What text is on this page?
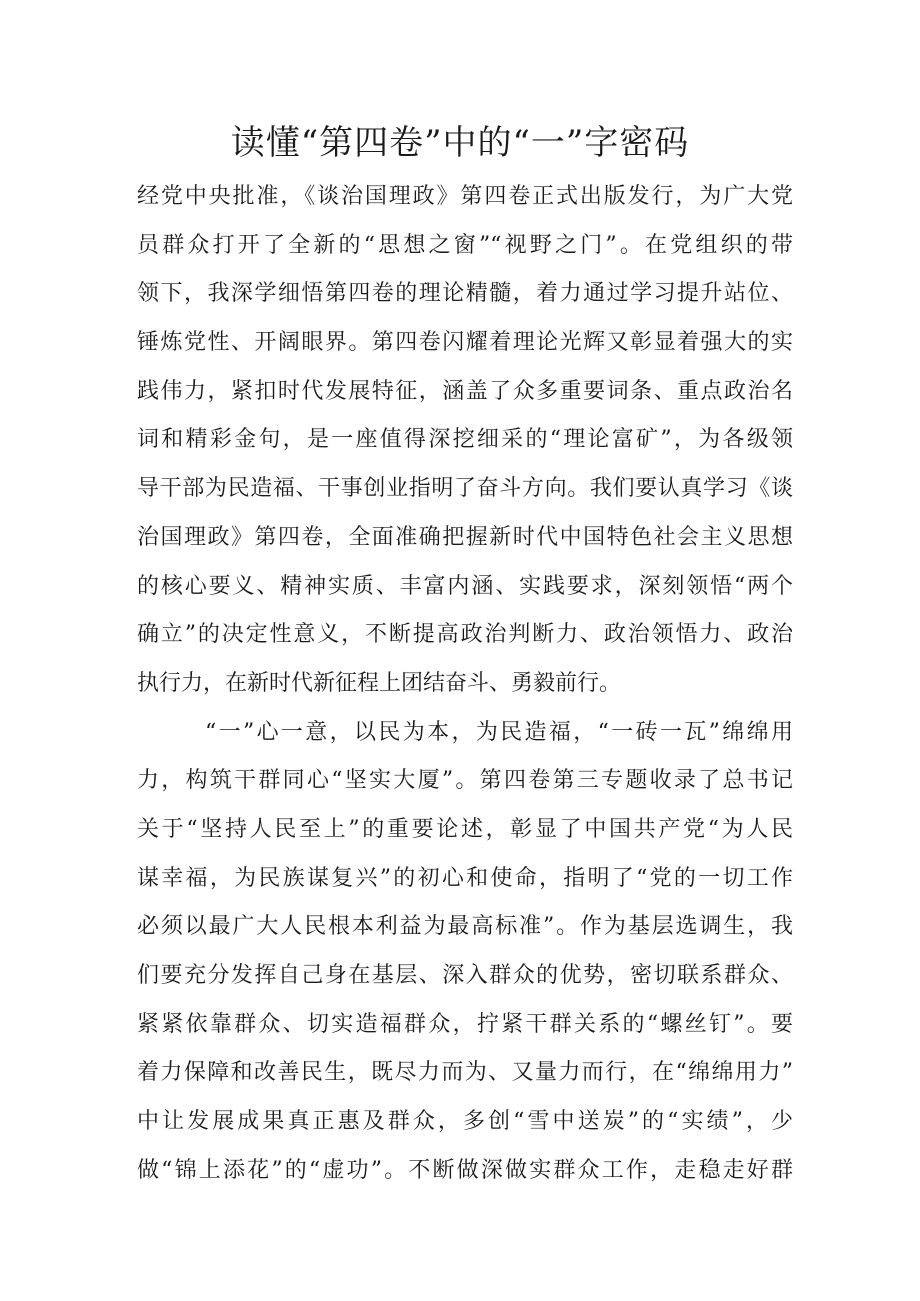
读懂“第四卷”中的“一”字密码
经党中央批准，《谈治国理政》第四卷正式出版发行，为广大党
员群众打开了全新的“思想之窗”“视野之门”。在党组织的带
领下，我深学细悟第四卷的理论精髓，着力通过学习提升站位、
锤炼党性、开阔眼界。第四卷闪耀着理论光辉又彰显着强大的实
践伟力，紧扣时代发展特征，涵盖了众多重要词条、重点政治名
词和精彩金句，是一座值得深挖细采的“理论富矿”，为各级领
导干部为民造福、干事创业指明了奋斗方向。我们要认真学习《谈
治国理政》第四卷，全面准确把握新时代中国特色社会主义思想
的核心要义、精神实质、丰富内涵、实践要求，深刻领悟“两个
确立”的决定性意义，不断提高政治判断力、政治领悟力、政治
执行力，在新时代新征程上团结奋斗、勇毅前行。
“一”心一意，以民为本，为民造福，“一砖一瓦”绵绵用
力，构筑干群同心“坚实大厦”。第四卷第三专题收录了总书记
关于“坚持人民至上”的重要论述，彰显了中国共产党“为人民
谋幸福，为民族谋复兴”的初心和使命，指明了“党的一切工作
必须以最广大人民根本利益为最高标准”。作为基层选调生，我
们要充分发挥自己身在基层、深入群众的优势，密切联系群众、
紧紧依靠群众、切实造福群众，拧紧干群关系的“螺丝钉”。要
着力保障和改善民生，既尽力而为、又量力而行，在“绵绵用力”
中让发展成果真正惠及群众，多创“雪中送炭”的“实绩”，少
做“锦上添花”的“虚功”。不断做深做实群众工作，走稳走好群
